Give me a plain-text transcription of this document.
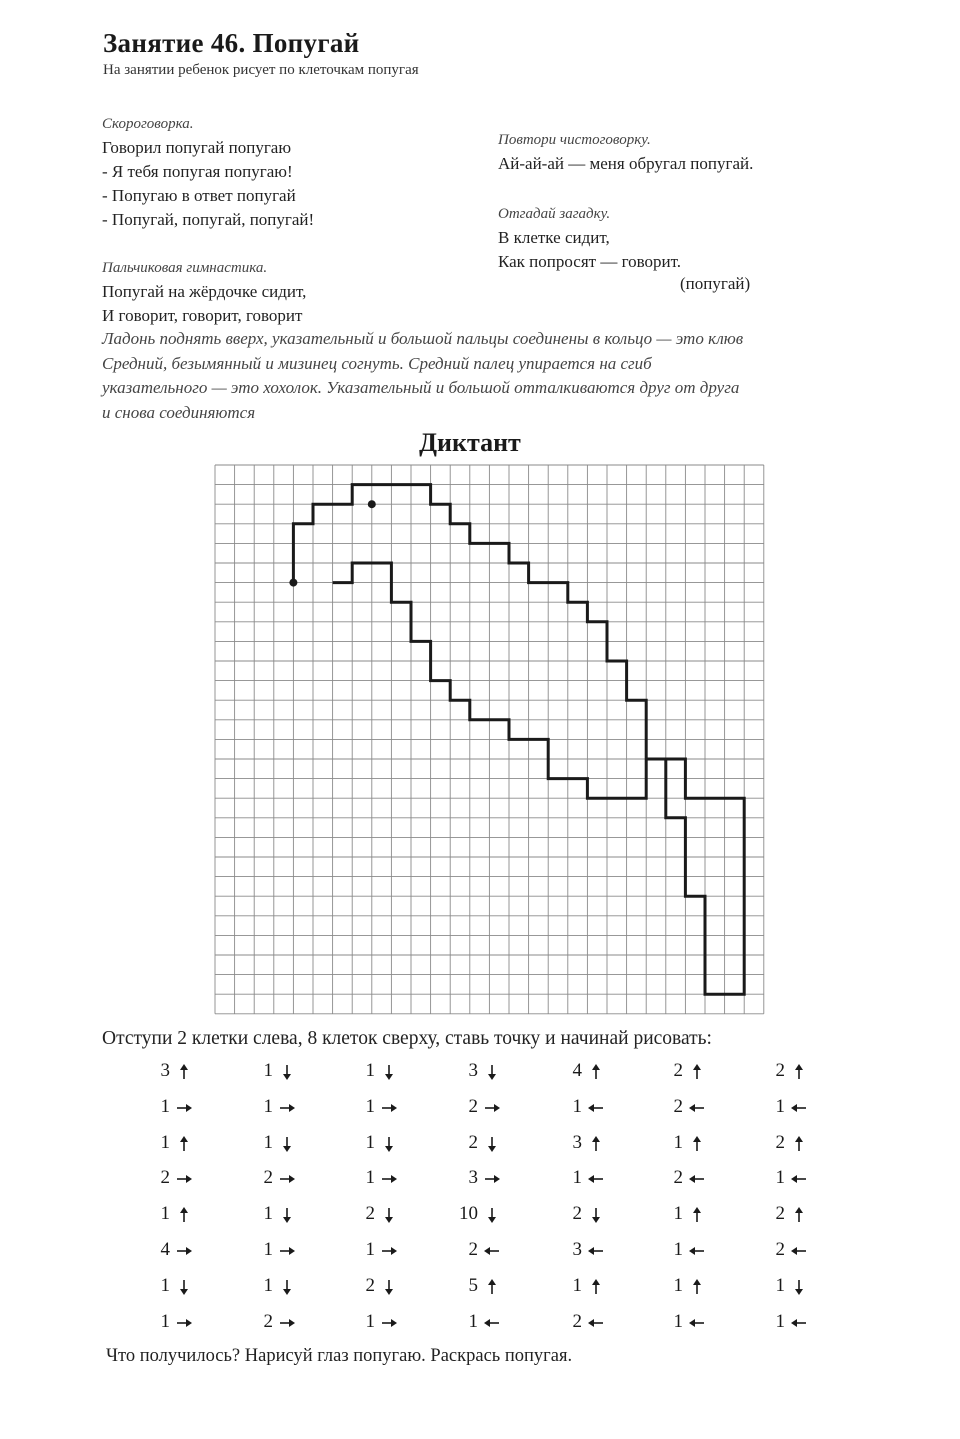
Занятие 46. Попугай
На занятии ребенок рисует по клеточкам попугая
Скороговорка.
Говорил попугай попугаю
- Я тебя попугая попугаю!
- Попугаю в ответ попугай
- Попугай, попугай, попугай!
Пальчиковая гимнастика.
Попугай на жёрдочке сидит,
И говорит, говорит, говорит
Ладонь поднять вверх, указательный и большой пальцы соединены в кольцо — это клюв
Средний, безымянный и мизинец согнуть. Средний палец упирается на сгиб
указательного — это хохолок. Указательный и большой отталкиваются друг от друга
и снова соединяются
Повтори чистоговорку.
Ай-ай-ай — меня обругал попугай.
Отгадай загадку.
В клетке сидит,
Как попросят — говорит.
(попугай)
Диктант
Отступи 2 клетки слева, 8 клеток сверху, ставь точку и начинай рисовать:
3
1
1
2
1
4
1
1
1
1
1
2
1
1
1
2
1
1
1
1
2
1
2
1
3
2
2
3
10
2
5
1
4
1
3
1
2
3
1
2
2
2
1
2
1
1
1
1
2
1
2
1
2
2
1
1
Что получилось? Нарисуй глаз попугаю. Раскрась попугая.
